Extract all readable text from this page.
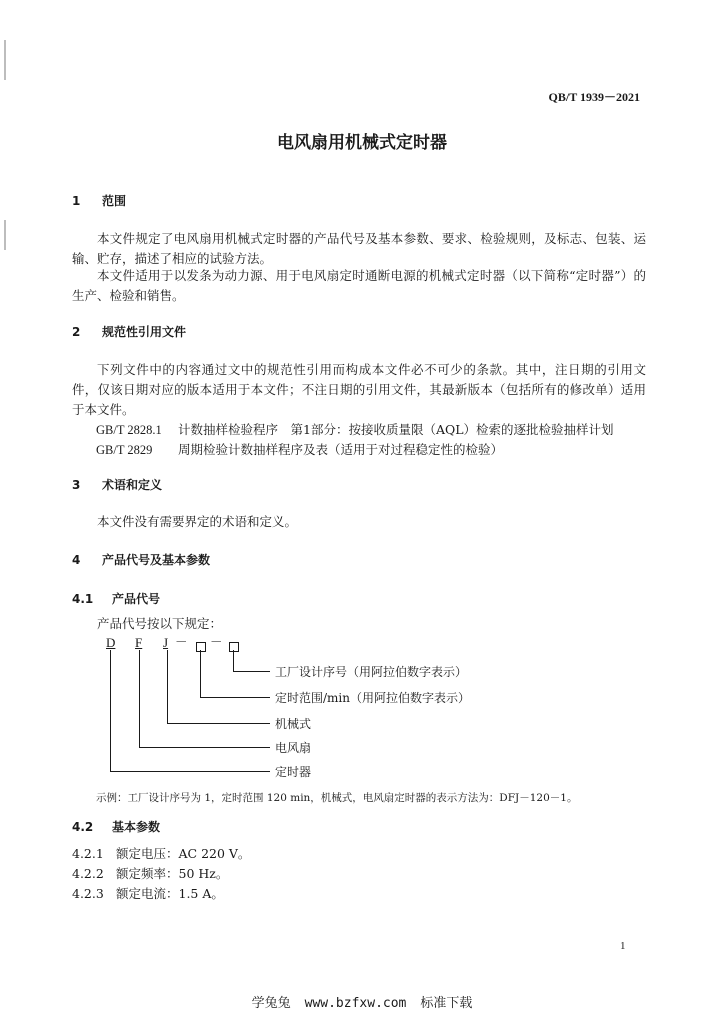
QB/T 1939－2021
电风扇用机械式定时器
1 范围
本文件规定了电风扇用机械式定时器的产品代号及基本参数、要求、检验规则，及标志、包装、运输、贮存，描述了相应的试验方法。
本文件适用于以发条为动力源、用于电风扇定时通断电源的机械式定时器（以下简称“定时器”）的生产、检验和销售。
2 规范性引用文件
下列文件中的内容通过文中的规范性引用而构成本文件必不可少的条款。其中，注日期的引用文件，仅该日期对应的版本适用于本文件；不注日期的引用文件，其最新版本（包括所有的修改单）适用于本文件。
GB/T 2828.1 计数抽样检验程序　第1部分：按接收质量限（AQL）检索的逐批检验抽样计划
GB/T 2829 周期检验计数抽样程序及表（适用于对过程稳定性的检验）
3 术语和定义
本文件没有需要界定的术语和定义。
4 产品代号及基本参数
4.1 产品代号
产品代号按以下规定：
D F J － －
工厂设计序号（用阿拉伯数字表示）
定时范围/min（用阿拉伯数字表示）
机械式
电风扇
定时器
示例：工厂设计序号为 1，定时范围 120 min，机械式，电风扇定时器的表示方法为：DFJ－120－1。
4.2 基本参数
4.2.1 额定电压：AC 220 V。
4.2.2 额定频率：50 Hz。
4.2.3 额定电流：1.5 A。
1
学兔兔 www.bzfxw.com 标准下载
